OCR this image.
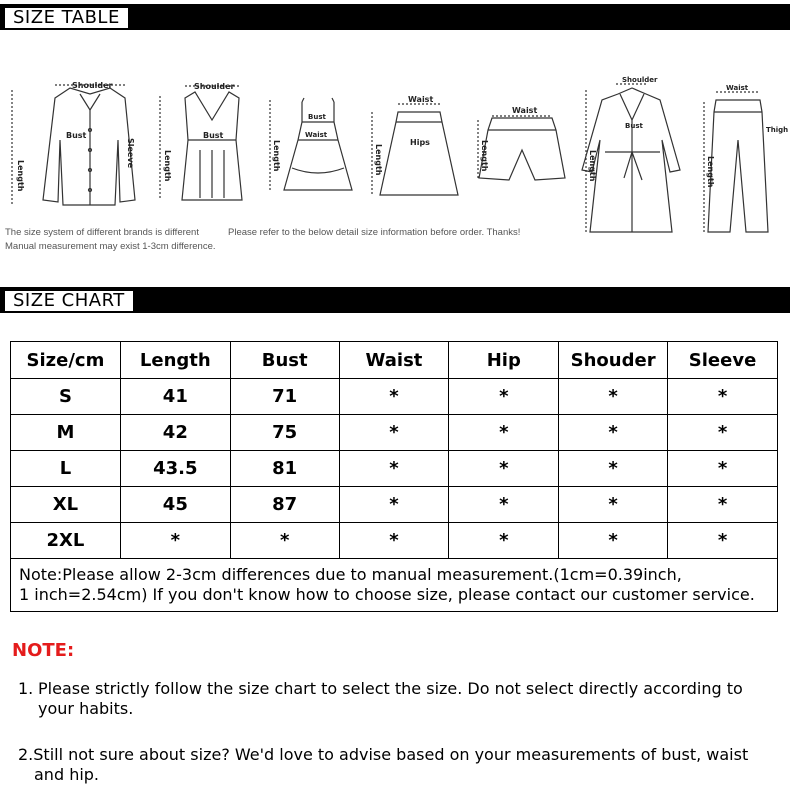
SIZE TABLE
Shoulder
Bust
Length
Sleeve
Shoulder
Bust
Length
Bust
Waist
Length
Waist
Hips
Length
Waist
Length
Shoulder
Bust
Length
Waist
Thigh
Length
The size system of different brands is different	Please refer to the below detail size information before order. Thanks!
Manual measurement may exist 1-3cm difference.
SIZE CHART
Size/cm	Length	Bust	Waist	Hip	Shouder	Sleeve
S	41	71	*	*	*	*
M	42	75	*	*	*	*
L	43.5	81	*	*	*	*
XL	45	87	*	*	*	*
2XL	*	*	*	*	*	*

Note:Please allow 2-3cm differences due to manual measurement.(1cm=0.39inch,
1 inch=2.54cm) If you don't know how to choose size, please contact our customer service.						
NOTE:
1. Please strictly follow the size chart to select the size. Do not select directly according to
your habits.
2.Still not sure about size? We'd love to advise based on your measurements of bust, waist
and hip.
